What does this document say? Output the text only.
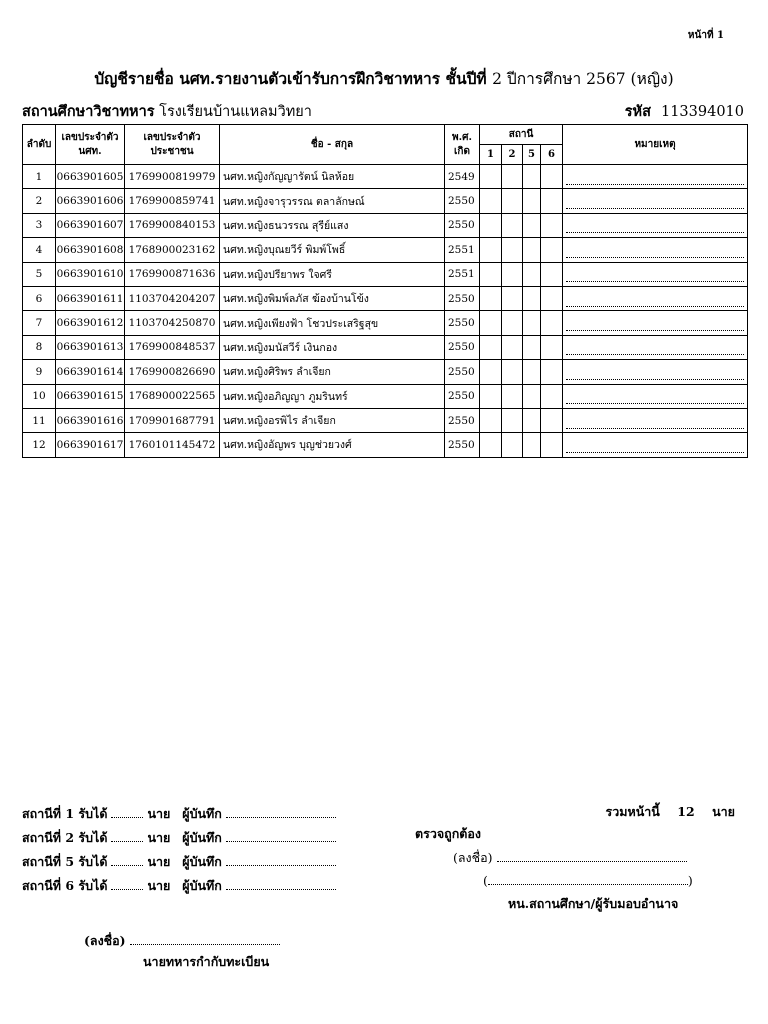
หน้าที่ 1
บัญชีรายชื่อ นศท.รายงานตัวเข้ารับการฝึกวิชาทหาร ชั้นปีที่ 2 ปีการศึกษา 2567 (หญิง)
สถานศึกษาวิชาทหาร โรงเรียนบ้านแหลมวิทยา	รหัส 113394010
ลำดับ	เลขประจำตัว นศท.	เลขประจำตัว ประชาชน	ชื่อ - สกุล	พ.ศ. เกิด	สถานี				หมายเหตุ
					1	2	5	6	
1	0663901605	1769900819979	นศท.หญิงกัญญารัตน์ นิลห้อย	2549					

2	0663901606	1769900859741	นศท.หญิงจารุวรรณ ตลาลักษณ์	2550					

3	0663901607	1769900840153	นศท.หญิงธนวรรณ สุรีย์แสง	2550					

4	0663901608	1768900023162	นศท.หญิงบุณยวีร์ พิมพ์โพธิ์	2551					

5	0663901610	1769900871636	นศท.หญิงปรียาพร ใจศรี	2551					

6	0663901611	1103704204207	นศท.หญิงพิมพ์ลภัส ฆ้องบ้านโข้ง	2550					

7	0663901612	1103704250870	นศท.หญิงเพียงฟ้า โชวประเสริฐสุข	2550					

8	0663901613	1769900848537	นศท.หญิงมนัสวีร์ เงินกอง	2550					

9	0663901614	1769900826690	นศท.หญิงศิริพร ลำเจียก	2550					

10	0663901615	1768900022565	นศท.หญิงอภิญญา ภูมรินทร์	2550					

11	0663901616	1709901687791	นศท.หญิงอรพิไร ลำเจียก	2550					

12	0663901617	1760101145472	นศท.หญิงอัญพร บุญช่วยวงศ์	2550					
รวมหน้านี้ 12 นาย
สถานีที่ 1 รับได้	นาย ผู้บันทึก
สถานีที่ 2 รับได้	นาย ผู้บันทึก
สถานีที่ 5 รับได้	นาย ผู้บันทึก
สถานีที่ 6 รับได้	นาย ผู้บันทึก
ตรวจถูกต้อง
(ลงชื่อ)
(	)
หน.สถานศึกษา/ผู้รับมอบอำนาจ
(ลงชื่อ)
นายทหารกำกับทะเบียน
